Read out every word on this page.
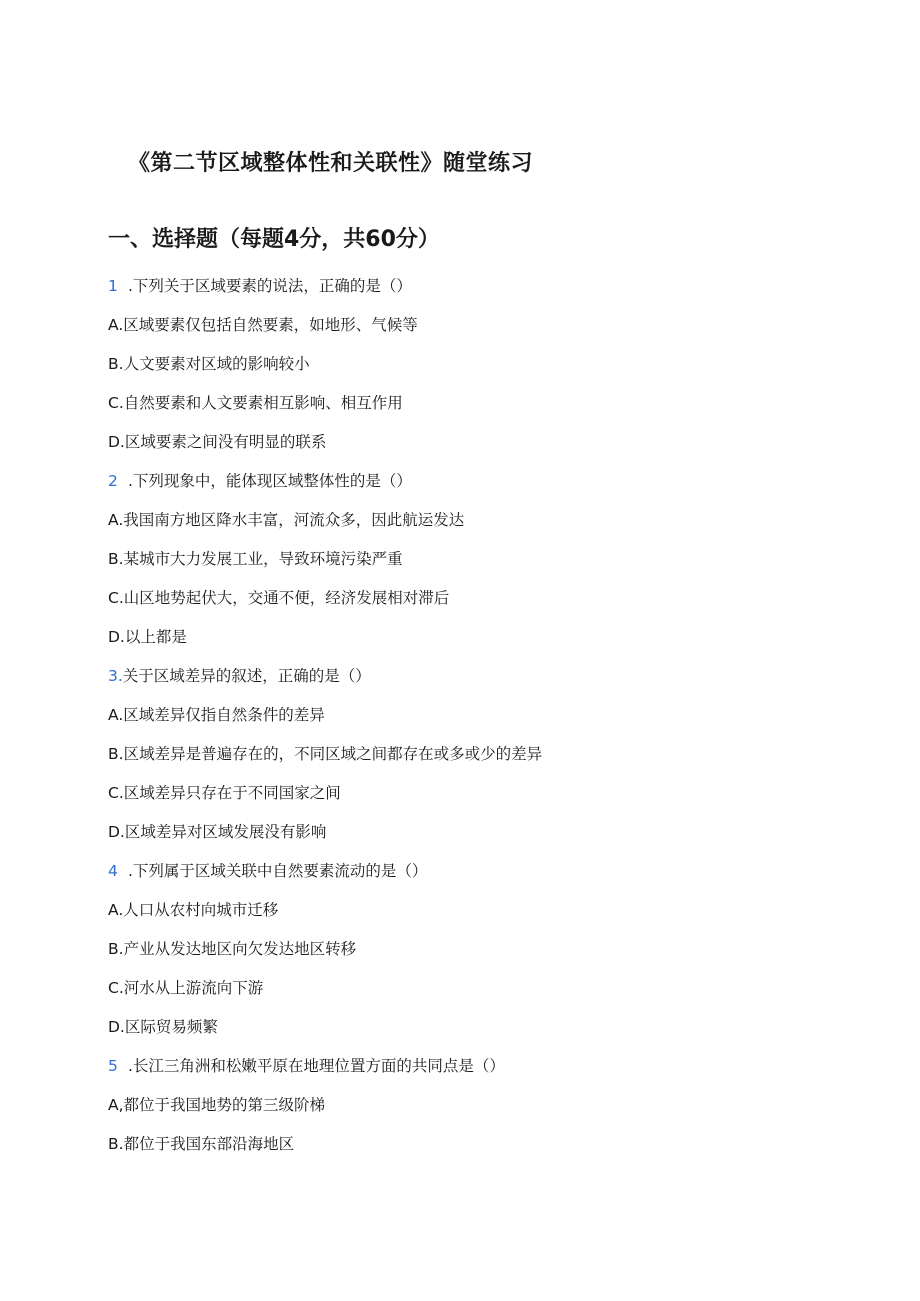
《第二节区域整体性和关联性》随堂练习
一、选择题（每题4分，共60分）
1 .下列关于区域要素的说法，正确的是（）
A. 区域要素仅包括自然要素，如地形、气候等
B. 人文要素对区域的影响较小
C. 自然要素和人文要素相互影响、相互作用
D. 区域要素之间没有明显的联系
2 .下列现象中，能体现区域整体性的是（）
A. 我国南方地区降水丰富，河流众多，因此航运发达
B. 某城市大力发展工业，导致环境污染严重
C. 山区地势起伏大，交通不便，经济发展相对滞后
D. 以上都是
3. 关于区域差异的叙述，正确的是（）
A. 区域差异仅指自然条件的差异
B. 区域差异是普遍存在的，不同区域之间都存在或多或少的差异
C. 区域差异只存在于不同国家之间
D. 区域差异对区域发展没有影响
4 .下列属于区域关联中自然要素流动的是（）
A. 人口从农村向城市迁移
B. 产业从发达地区向欠发达地区转移
C. 河水从上游流向下游
D. 区际贸易频繁
5 .长江三角洲和松嫩平原在地理位置方面的共同点是（）
A, 都位于我国地势的第三级阶梯
B. 都位于我国东部沿海地区
